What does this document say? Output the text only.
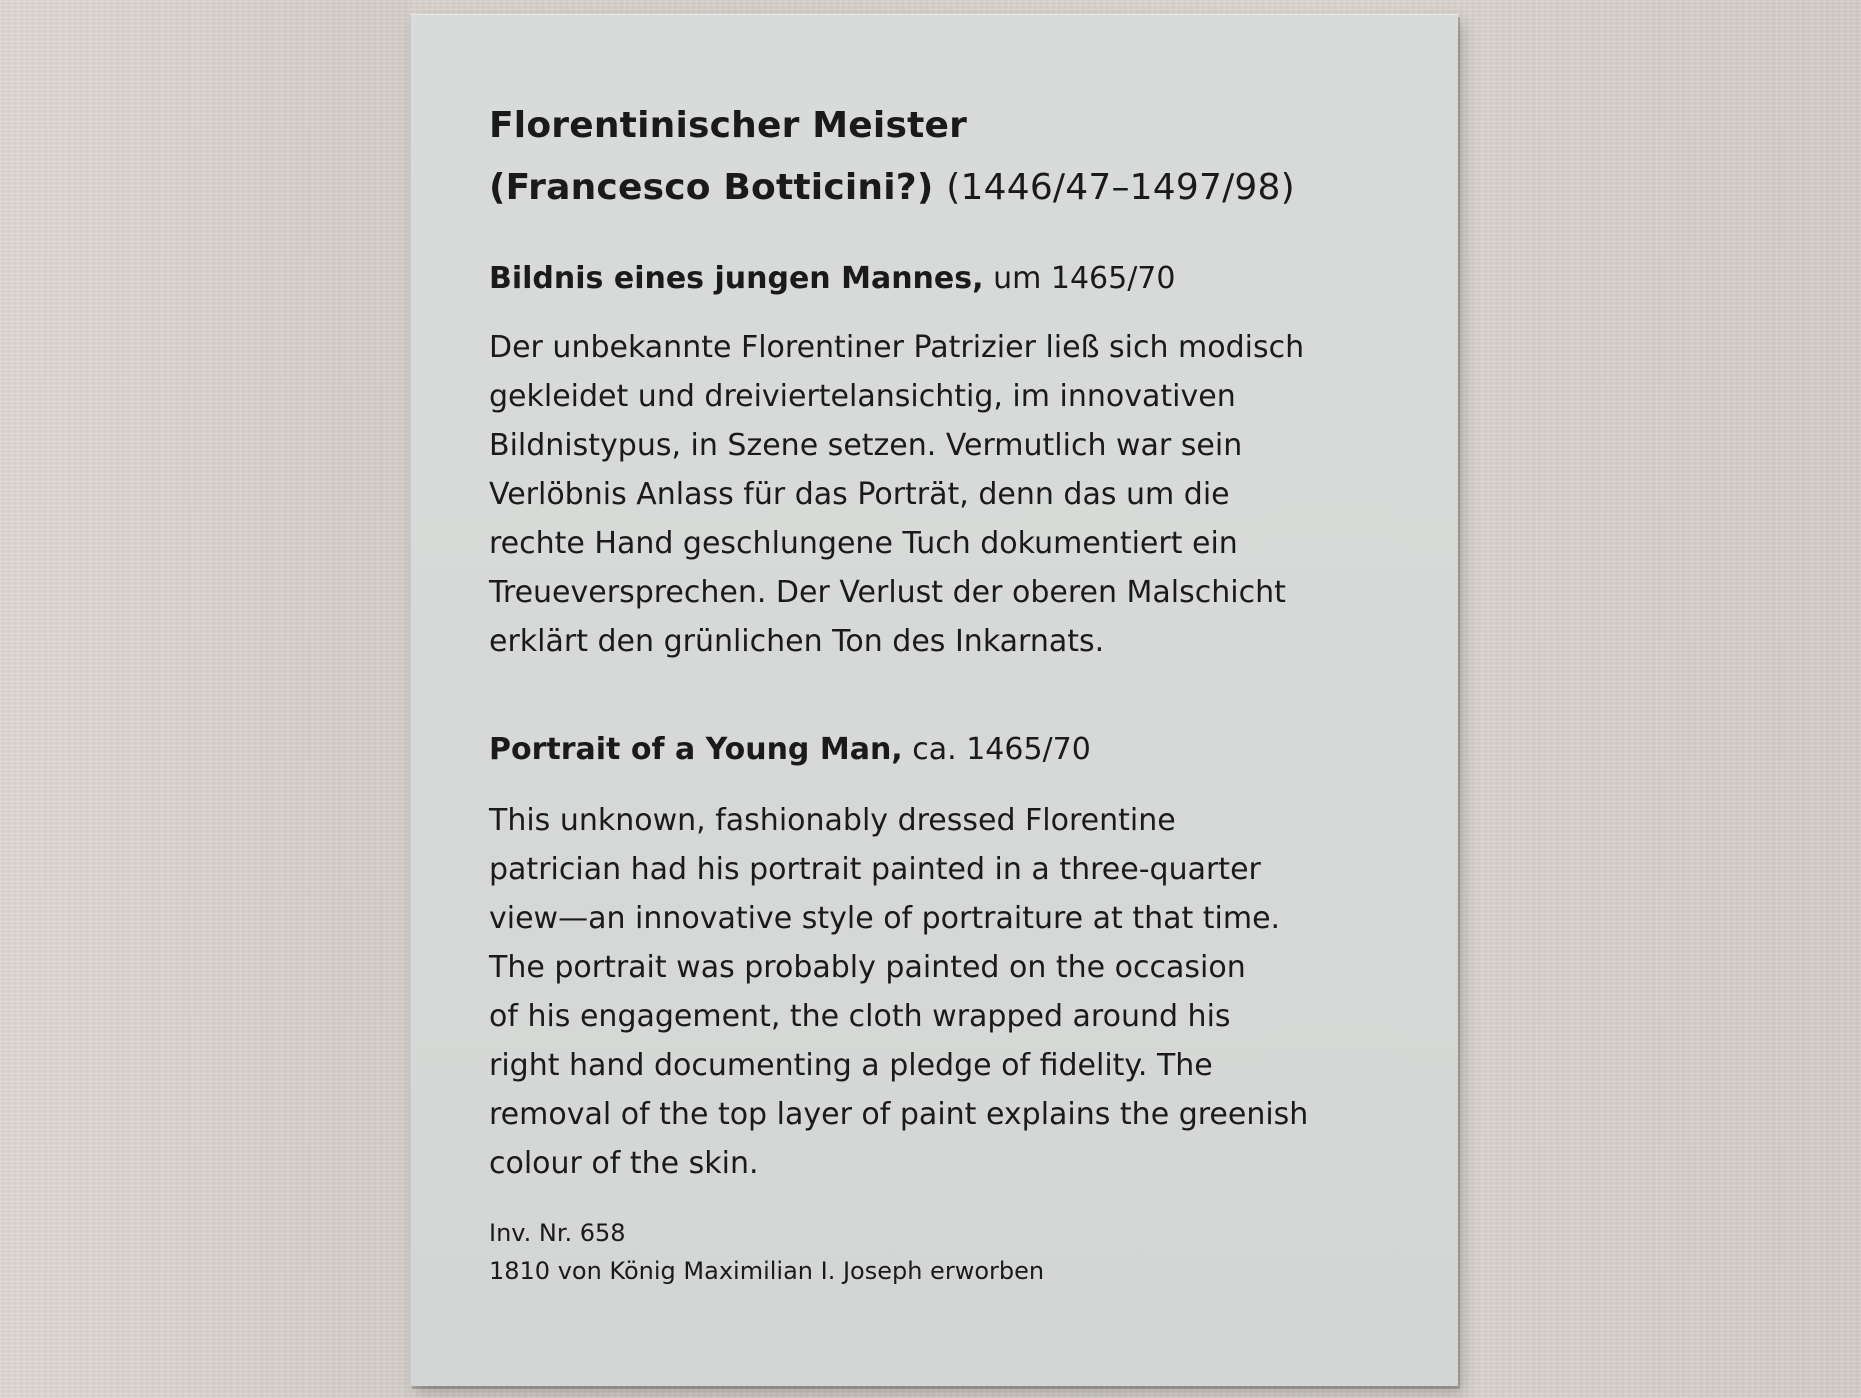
Florentinischer Meister
(Francesco Botticini?) (1446/47–1497/98)
Bildnis eines jungen Mannes, um 1465/70
Der unbekannte Florentiner Patrizier ließ sich modisch
gekleidet und dreiviertelansichtig, im innovativen
Bildnistypus, in Szene setzen. Vermutlich war sein
Verlöbnis Anlass für das Porträt, denn das um die
rechte Hand geschlungene Tuch dokumentiert ein
Treueversprechen. Der Verlust der oberen Malschicht
erklärt den grünlichen Ton des Inkarnats.
Portrait of a Young Man, ca. 1465/70
This unknown, fashionably dressed Florentine
patrician had his portrait painted in a three-quarter
view—an innovative style of portraiture at that time.
The portrait was probably painted on the occasion
of his engagement, the cloth wrapped around his
right hand documenting a pledge of fidelity. The
removal of the top layer of paint explains the greenish
colour of the skin.
Inv. Nr. 658
1810 von König Maximilian I. Joseph erworben
